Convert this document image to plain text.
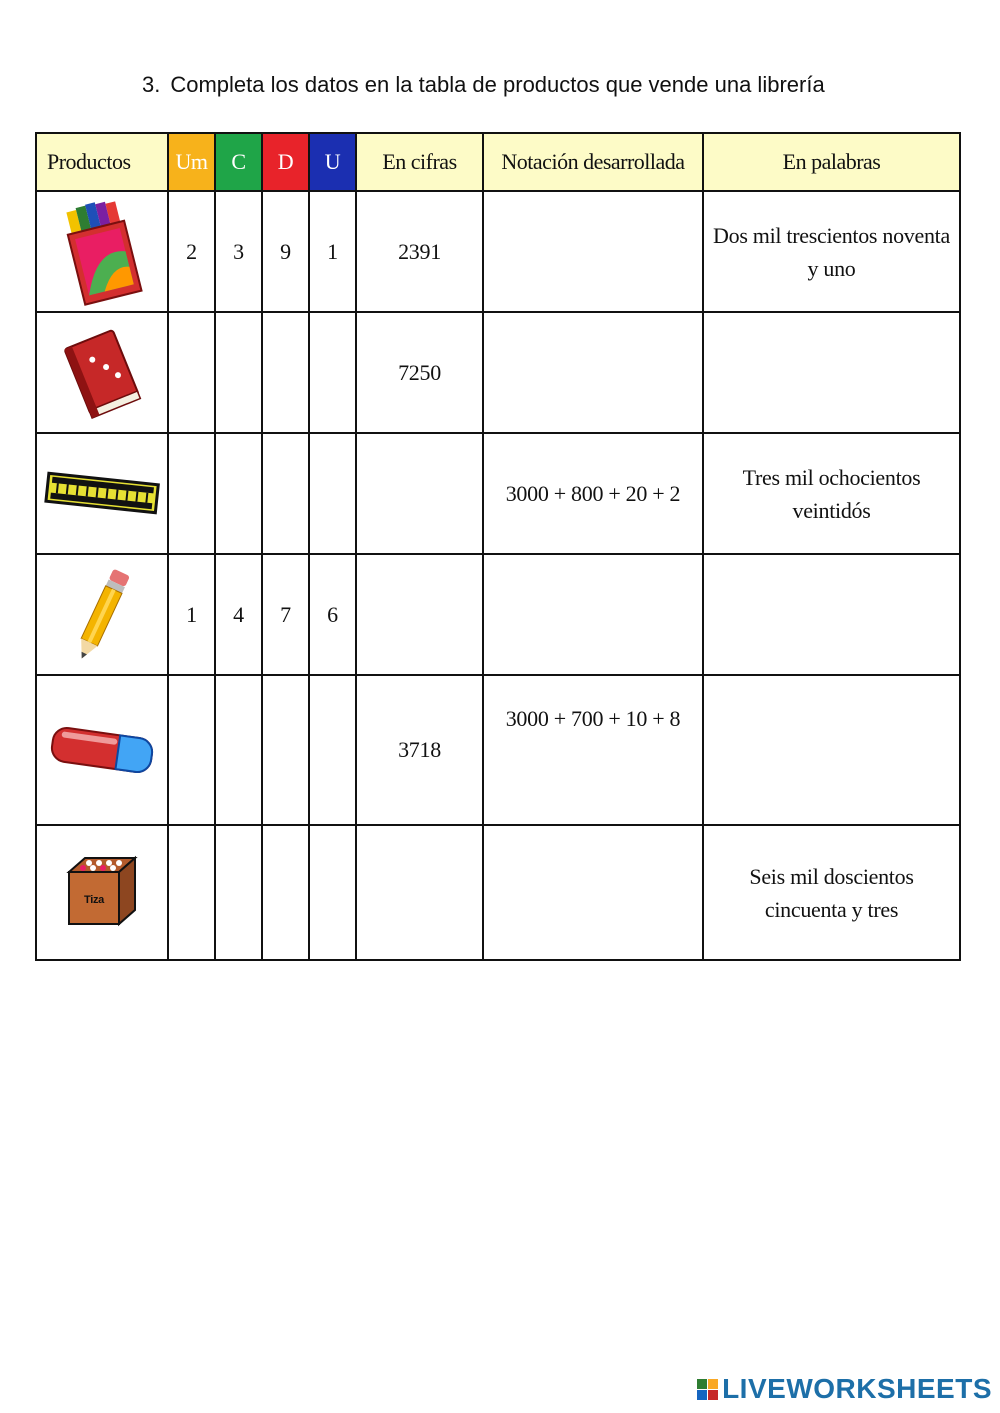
3. Completa los datos en la tabla de productos que vende una librería
Productos	Um	C	D	U	En cifras	Notación desarrollada	En palabras

	2	3	9	1	2391		Dos mil trescientos noventa
y uno

					7250		

						3000 + 800 + 20 + 2	Tres mil ochocientos
veintidós

	1	4	7	6			

					3718	3000 + 700 + 10 + 8	

Tiza							Seis mil doscientos
cincuenta y tres
LIVEWORKSHEETS
